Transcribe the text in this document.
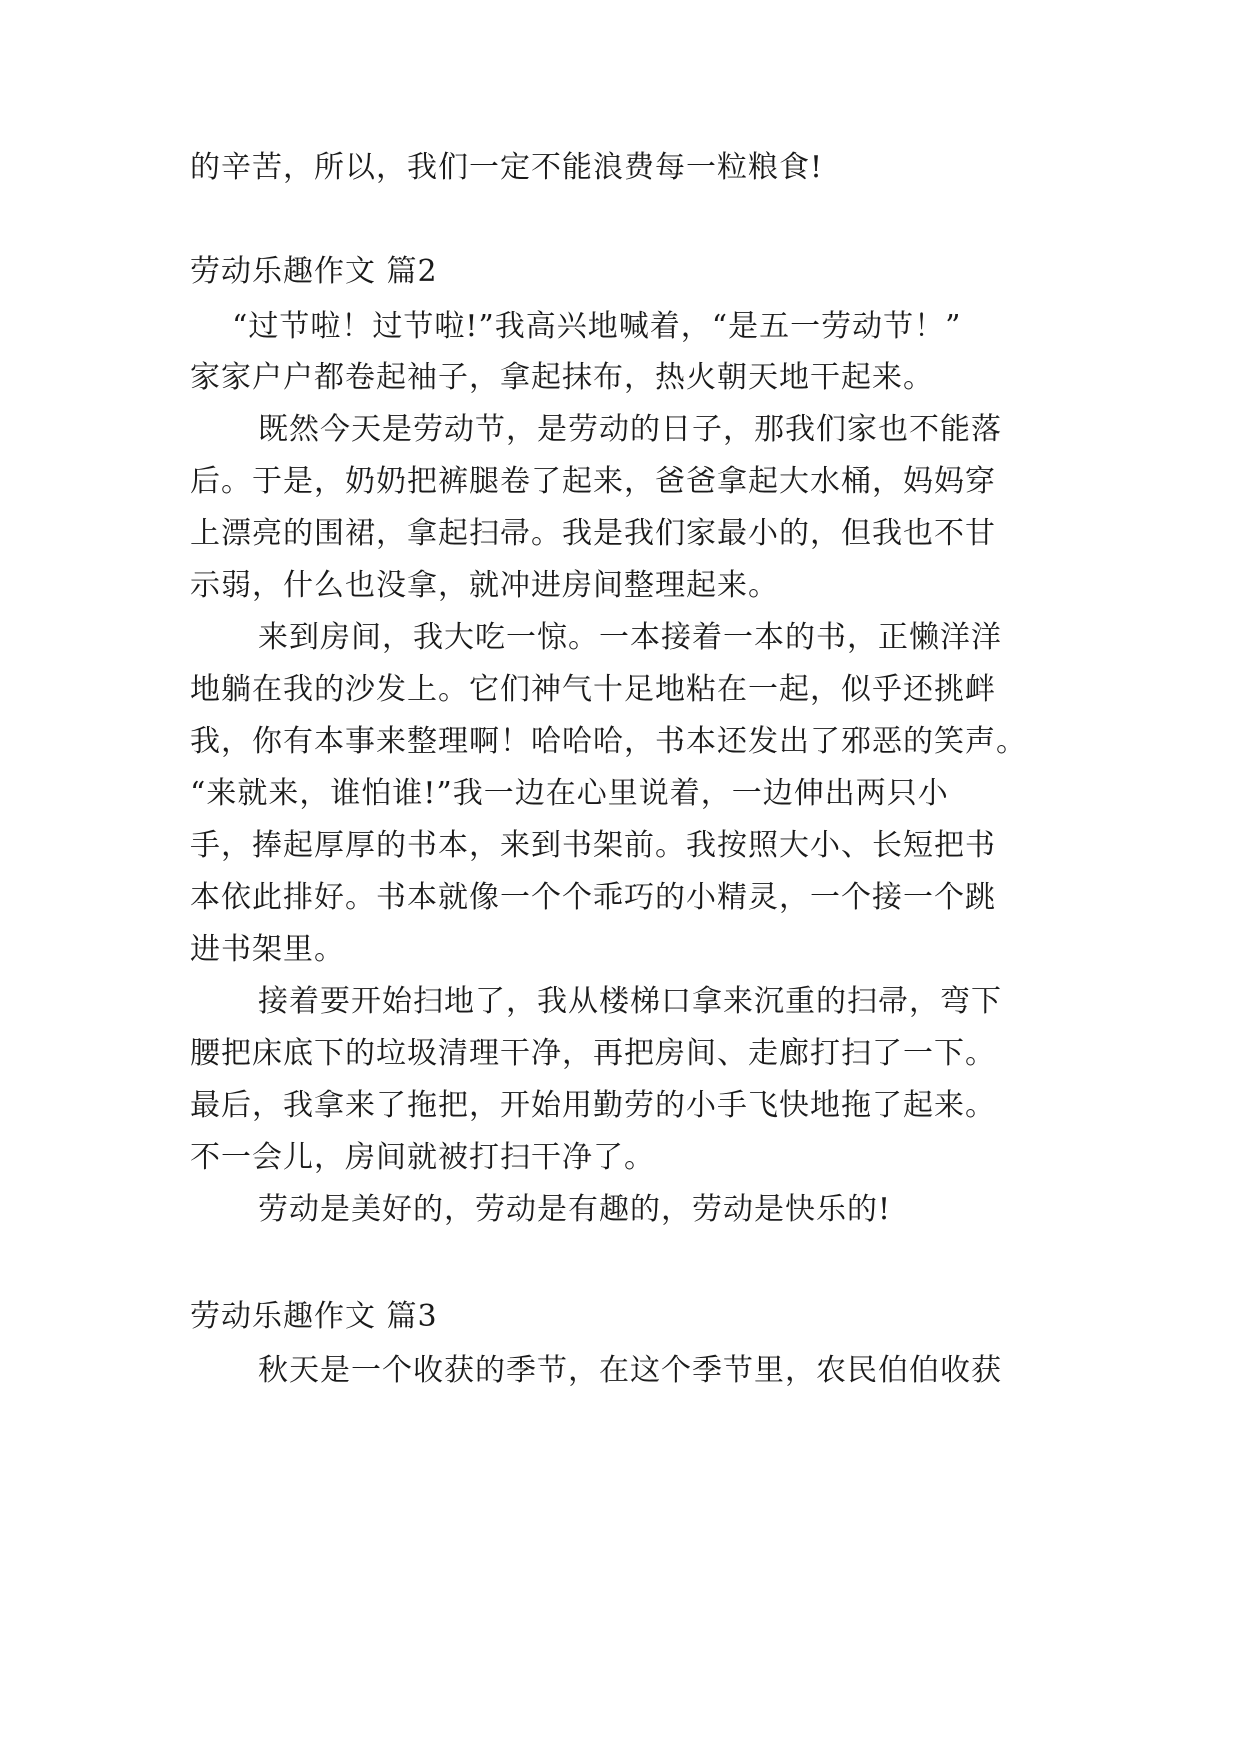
的辛苦，所以，我们一定不能浪费每一粒粮食!
劳动乐趣作文 篇2
“过节啦！过节啦!”我高兴地喊着，“是五一劳动节！”
家家户户都卷起袖子，拿起抹布，热火朝天地干起来。
既然今天是劳动节，是劳动的日子，那我们家也不能落
后。于是，奶奶把裤腿卷了起来，爸爸拿起大水桶，妈妈穿
上漂亮的围裙，拿起扫帚。我是我们家最小的，但我也不甘
示弱，什么也没拿，就冲进房间整理起来。
来到房间，我大吃一惊。一本接着一本的书，正懒洋洋
地躺在我的沙发上。它们神气十足地粘在一起，似乎还挑衅
我，你有本事来整理啊！哈哈哈，书本还发出了邪恶的笑声。
“来就来，谁怕谁!”我一边在心里说着，一边伸出两只小
手，捧起厚厚的书本，来到书架前。我按照大小、长短把书
本依此排好。书本就像一个个乖巧的小精灵，一个接一个跳
进书架里。
接着要开始扫地了，我从楼梯口拿来沉重的扫帚，弯下
腰把床底下的垃圾清理干净，再把房间、走廊打扫了一下。
最后，我拿来了拖把，开始用勤劳的小手飞快地拖了起来。
不一会儿，房间就被打扫干净了。
劳动是美好的，劳动是有趣的，劳动是快乐的!
劳动乐趣作文 篇3
秋天是一个收获的季节，在这个季节里，农民伯伯收获
